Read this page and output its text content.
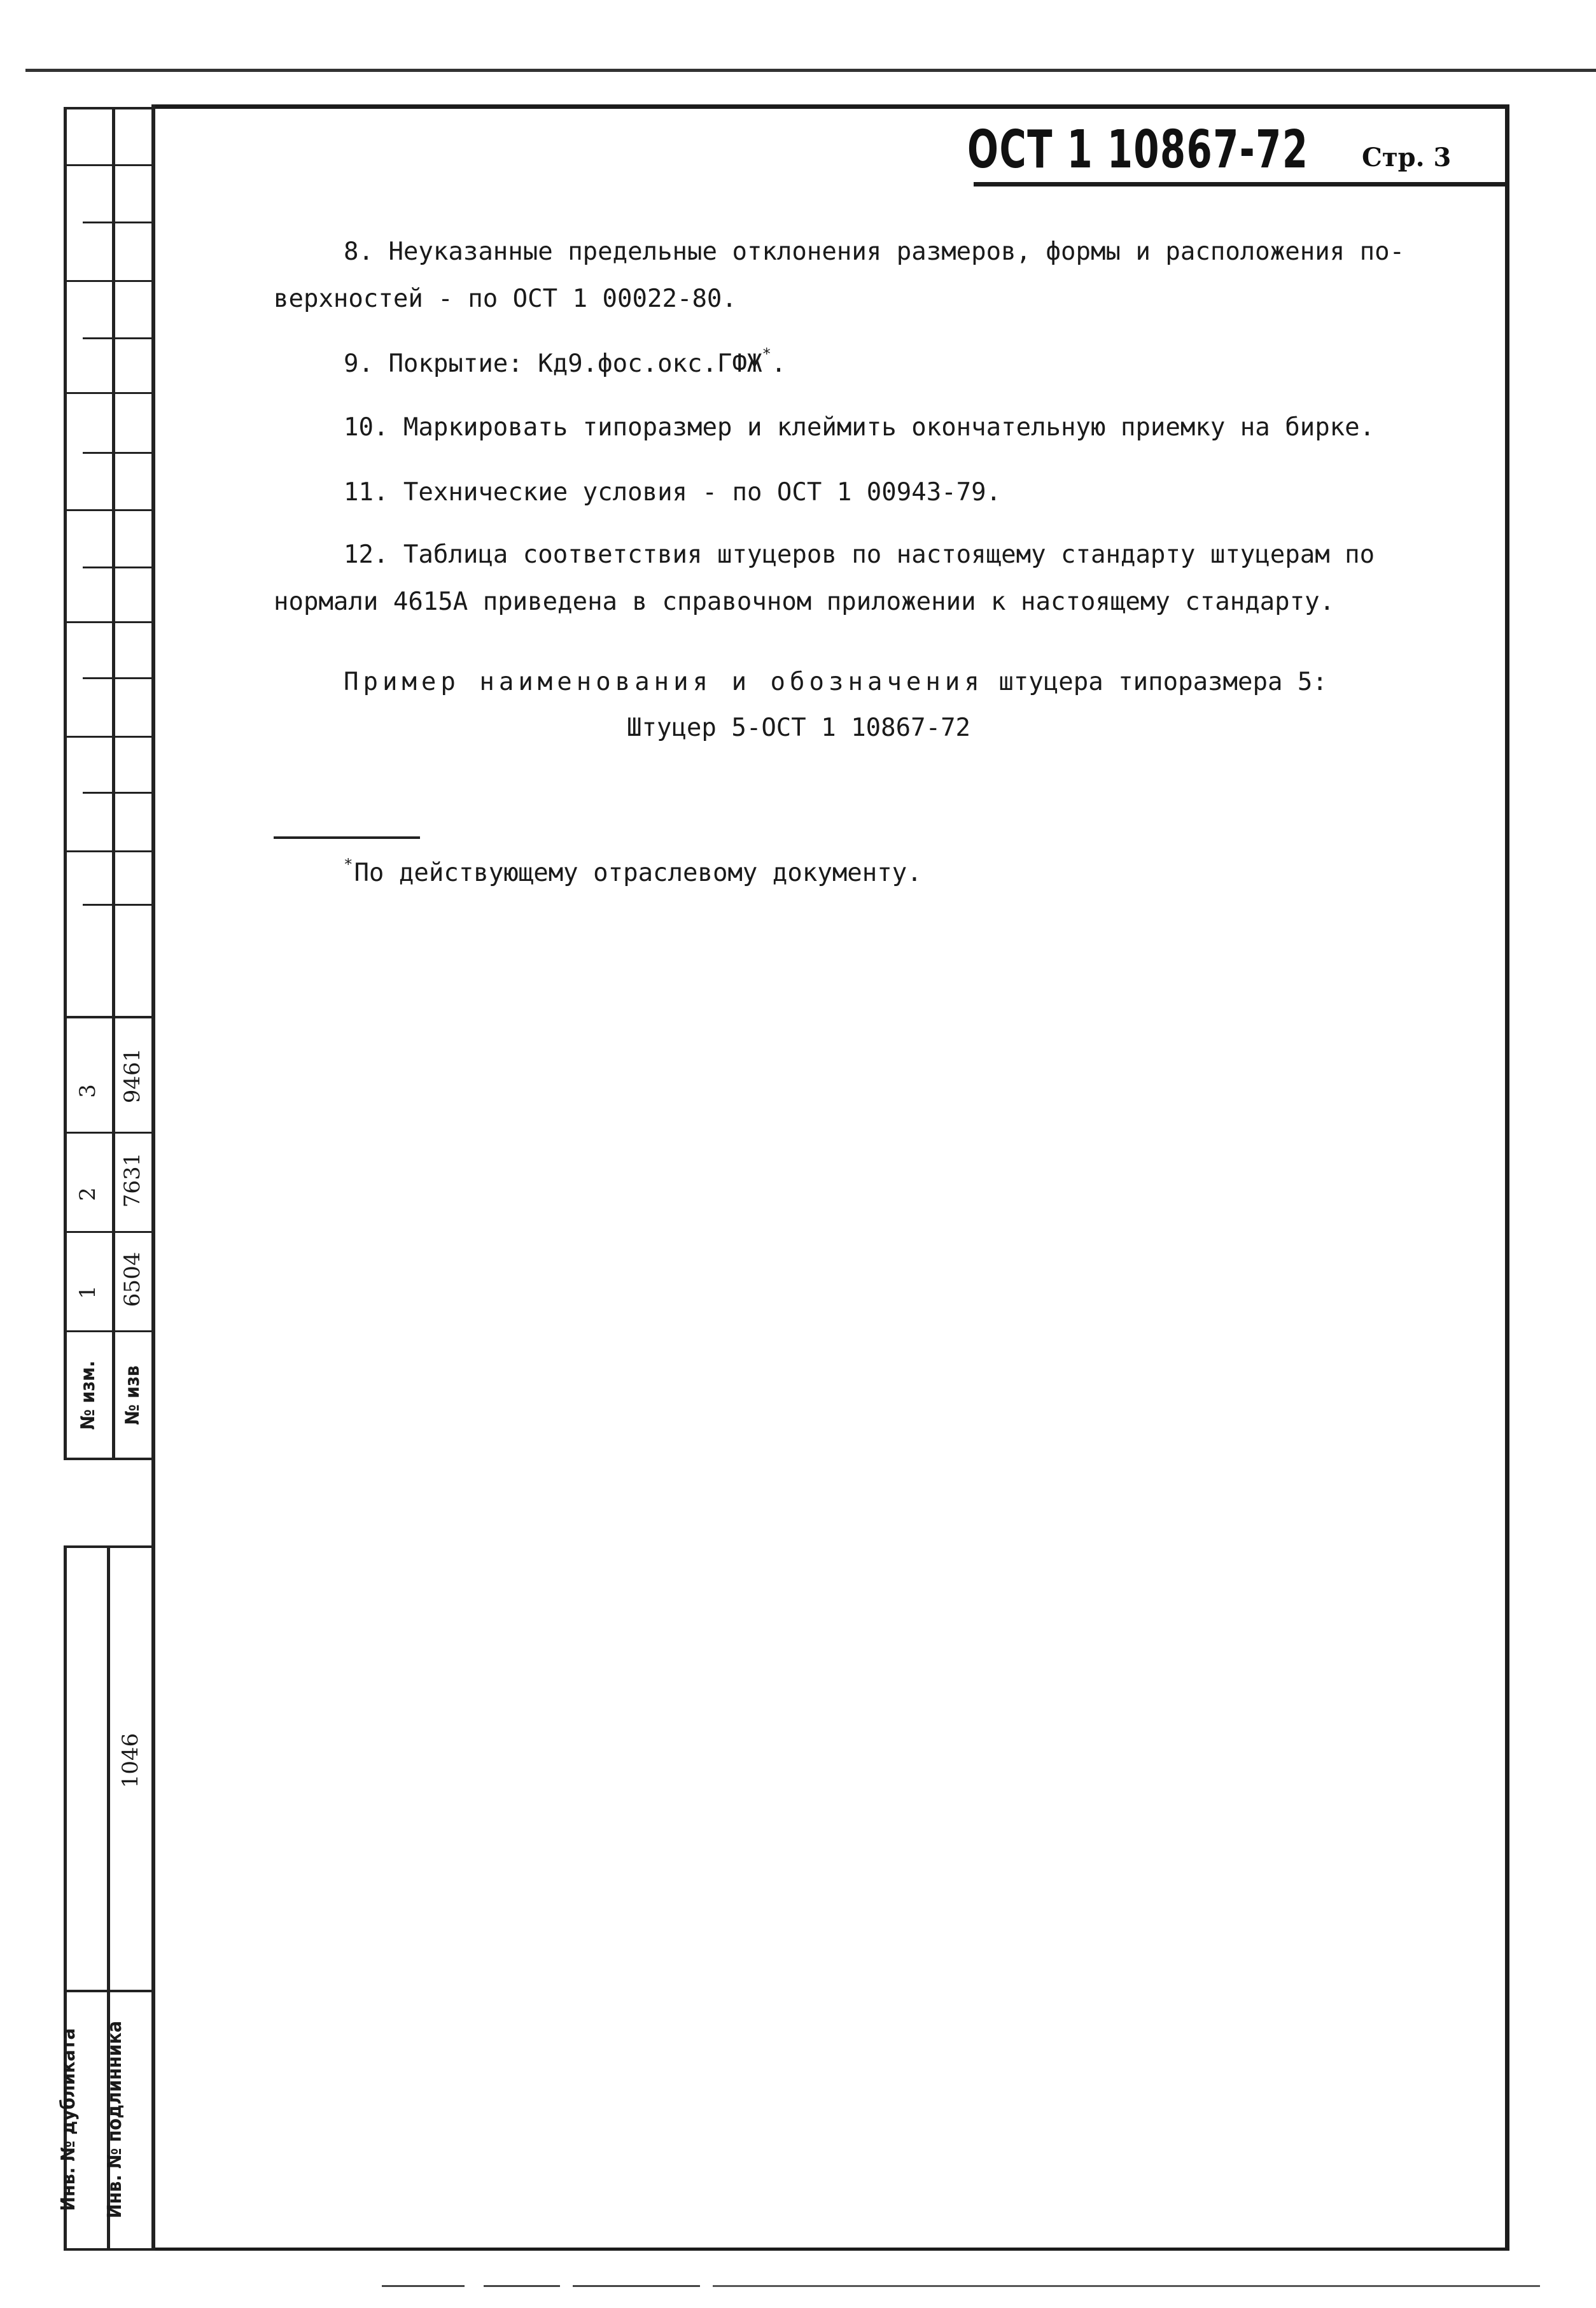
1
2
3
6504
7631
9461
№ изм. № изв
1046
Инв. № дубликата Инв. № подлинника
ОСТ 1 10867-72 Стр. 3
8. Неуказанные предельные отклонения размеров, формы и расположения по-
верхностей - по ОСТ 1 00022-80.
9. Покрытие: Кд9.фос.окс.ГФЖ*.
10. Маркировать типоразмер и клеймить окончательную приемку на бирке.
11. Технические условия - по ОСТ 1 00943-79.
12. Таблица соответствия штуцеров по настоящему стандарту штуцерам по
нормали 4615А приведена в справочном приложении к настоящему стандарту.
Пример наименования и обозначения штуцера типоразмера 5:
Штуцер 5-ОСТ 1 10867-72
*По действующему отраслевому документу.
